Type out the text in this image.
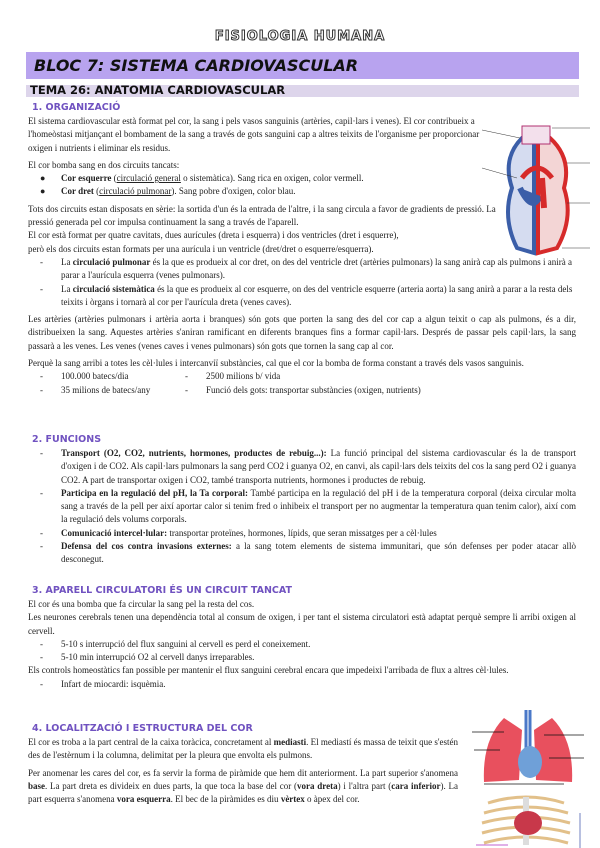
FISIOLOGIA HUMANA
BLOC 7: SISTEMA CARDIOVASCULAR
TEMA 26: ANATOMIA CARDIOVASCULAR
1. ORGANIZACIÓ

El sistema cardiovascular està format pel cor, la sang i pels vasos sanguinis (artèries, capil·lars i venes). El cor contribueix a l'homeòstasi mitjançant el bombament de la sang a través de gots sanguini cap a altres teixits de l'organisme per proporcionar oxigen i nutrients i eliminar els residus.

El cor bomba sang en dos circuits tancats:

● Cor esquerre (circulació general o sistemàtica). Sang rica en oxigen, color vermell.
● Cor dret (circulació pulmonar). Sang pobre d'oxigen, color blau.

Tots dos circuits estan disposats en sèrie: la sortida d'un és la entrada de l'altre, i la sang circula a favor de gradients de pressió. La pressió generada pel cor impulsa continuament la sang a través de l'aparell.

El cor està format per quatre cavitats, dues aurícules (dreta i esquerra) i dos ventricles (dret i esquerre),

però els dos circuits estan formats per una aurícula i un ventricle (dret/dret o esquerre/esquerra).

- La circulació pulmonar és la que es produeix al cor dret, on des del ventricle dret (artèries pulmonars) la sang anirà cap als pulmons i anirà a parar a l'aurícula esquerra (venes pulmonars).
- La circulació sistemàtica és la que es produeix al cor esquerre, on des del ventricle esquerre (arteria aorta) la sang anirà a parar a la resta dels teixits i òrgans i tornarà al cor per l'aurícula dreta (venes caves).

Les artèries (artèries pulmonars i artèria aorta i branques) són gots que porten la sang des del cor cap a algun teixit o cap als pulmons, és a dir, distribueixen la sang. Aquestes artèries s'aniran ramificant en diferents branques fins a formar capil·lars. Després de passar pels capil·lars, la sang passarà a les venes. Les venes (venes caves i venes pulmonars) són gots que tornen la sang cap al cor.

Perquè la sang arribi a totes les cèl·lules i intercanviï substàncies, cal que el cor la bomba de forma constant a través dels vasos sanguinis.

- 100.000 batecs/dia
- 35 milions de batecs/any
- 2500 milions b/ vida
- Funció dels gots: transportar substàncies (oxigen, nutrients)
2. FUNCIONS
- Transport (O2, CO2, nutrients, hormones, productes de rebuig...): La funció principal del sistema cardiovascular és la de transport d'oxigen i de CO2. Als capil·lars pulmonars la sang perd CO2 i guanya O2, en canvi, als capil·lars dels teixits del cos la sang perd O2 i guanya CO2. A part de transportar oxigen i CO2, també transporta nutrients, hormones i productes de rebuig.
- Participa en la regulació del pH, la Ta corporal: També participa en la regulació del pH i de la temperatura corporal (deixa circular molta sang a través de la pell per així aportar calor si tenim fred o inhibeix el transport per no augmentar la temperatura quan tenim calor), així com la regulació dels volums corporals.
- Comunicació intercel·lular: transportar proteïnes, hormones, lípids, que seran missatges per a cèl·lules
- Defensa del cos contra invasions externes: a la sang totem elements de sistema immunitari, que són defenses per poder atacar allò desconegut.
3. APARELL CIRCULATORI ÉS UN CIRCUIT TANCAT

El cor és una bomba que fa circular la sang pel la resta del cos.

Les neurones cerebrals tenen una dependència total al consum de oxigen, i per tant el sistema circulatori està adaptat perquè sempre li arribi oxigen al cervell.

- 5-10 s interrupció del flux sanguini al cervell es perd el coneixement.
- 5-10 min interrupció O2 al cervell danys irreparables.

Els controls homeostàtics fan possible per mantenir el flux sanguini cerebral encara que impedeixi l'arribada de flux a altres cèl·lules.

- Infart de miocardi: isquèmia.
4. LOCALITZACIÓ I ESTRUCTURA DEL COR

El cor es troba a la part central de la caixa toràcica, concretament al mediasti. El mediastí és massa de teixit que s'estén des de l'estèrnum i la columna, delimitat per la pleura que envolta els pulmons.

Per anomenar les cares del cor, es fa servir la forma de piràmide que hem dit anteriorment. La part superior s'anomena base. La part dreta es divideix en dues parts, la que toca la base del cor (vora dreta) i l'altra part (cara inferior). La part esquerra s'anomena vora esquerra. El bec de la piràmides es diu vèrtex o àpex del cor.
